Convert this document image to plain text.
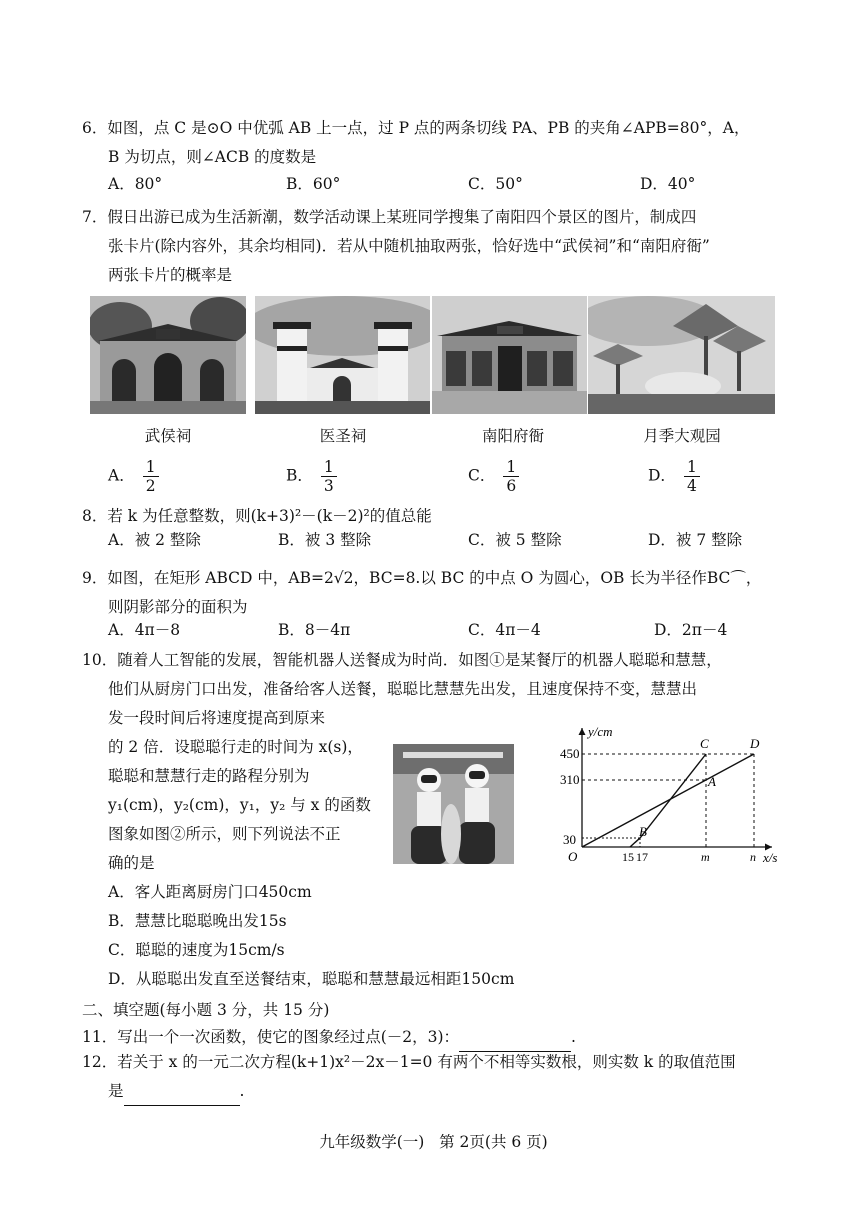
6．如图，点 C 是⊙O 中优弧 AB 上一点，过 P 点的两条切线 PA、PB 的夹角∠APB=80°，A，
B 为切点，则∠ACB 的度数是
A．80°	B．60°	C．50°	D．40°
7．假日出游已成为生活新潮，数学活动课上某班同学搜集了南阳四个景区的图片，制成四
张卡片(除内容外，其余均相同)．若从中随机抽取两张，恰好选中“武侯祠”和“南阳府衙”
两张卡片的概率是
武侯祠	医圣祠	南阳府衙	月季大观园
A． $\frac{1}{2}$	B． $\frac{1}{3}$	C． $\frac{1}{6}$	D． $\frac{1}{4}$
8．若 k 为任意整数，则(k+3)²－(k－2)²的值总能
A．被 2 整除	B．被 3 整除	C．被 5 整除	D．被 7 整除
9．如图，在矩形 ABCD 中，AB=2√2，BC=8.以 BC 的中点 O 为圆心，OB 长为半径作BC⌒，
则阴影部分的面积为
A．4π－8	B．8－4π	C．4π－4	D．2π－4
10．随着人工智能的发展，智能机器人送餐成为时尚．如图①是某餐厅的机器人聪聪和慧慧，
他们从厨房门口出发，准备给客人送餐，聪聪比慧慧先出发，且速度保持不变，慧慧出
发一段时间后将速度提高到原来
的 2 倍．设聪聪行走的时间为 x(s)，
聪聪和慧慧行走的路程分别为
y₁(cm)，y₂(cm)，y₁，y₂ 与 x 的函数
图象如图②所示，则下列说法不正
确的是
A．客人距离厨房门口450cm
B．慧慧比聪聪晚出发15s
C．聪聪的速度为15cm/s
D．从聪聪出发直至送餐结束，聪聪和慧慧最远相距150cm
y/cm
x/s
O
450
310
30
15 17	m	n
A
B
C	D
二、填空题(每小题 3 分，共 15 分)
11．写出一个一次函数，使它的图象经过点(－2，3)：	.
12．若关于 x 的一元二次方程(k+1)x²－2x－1=0 有两个不相等实数根，则实数 k 的取值范围
是	.
九年级数学(一)   第 2页(共 6 页)
